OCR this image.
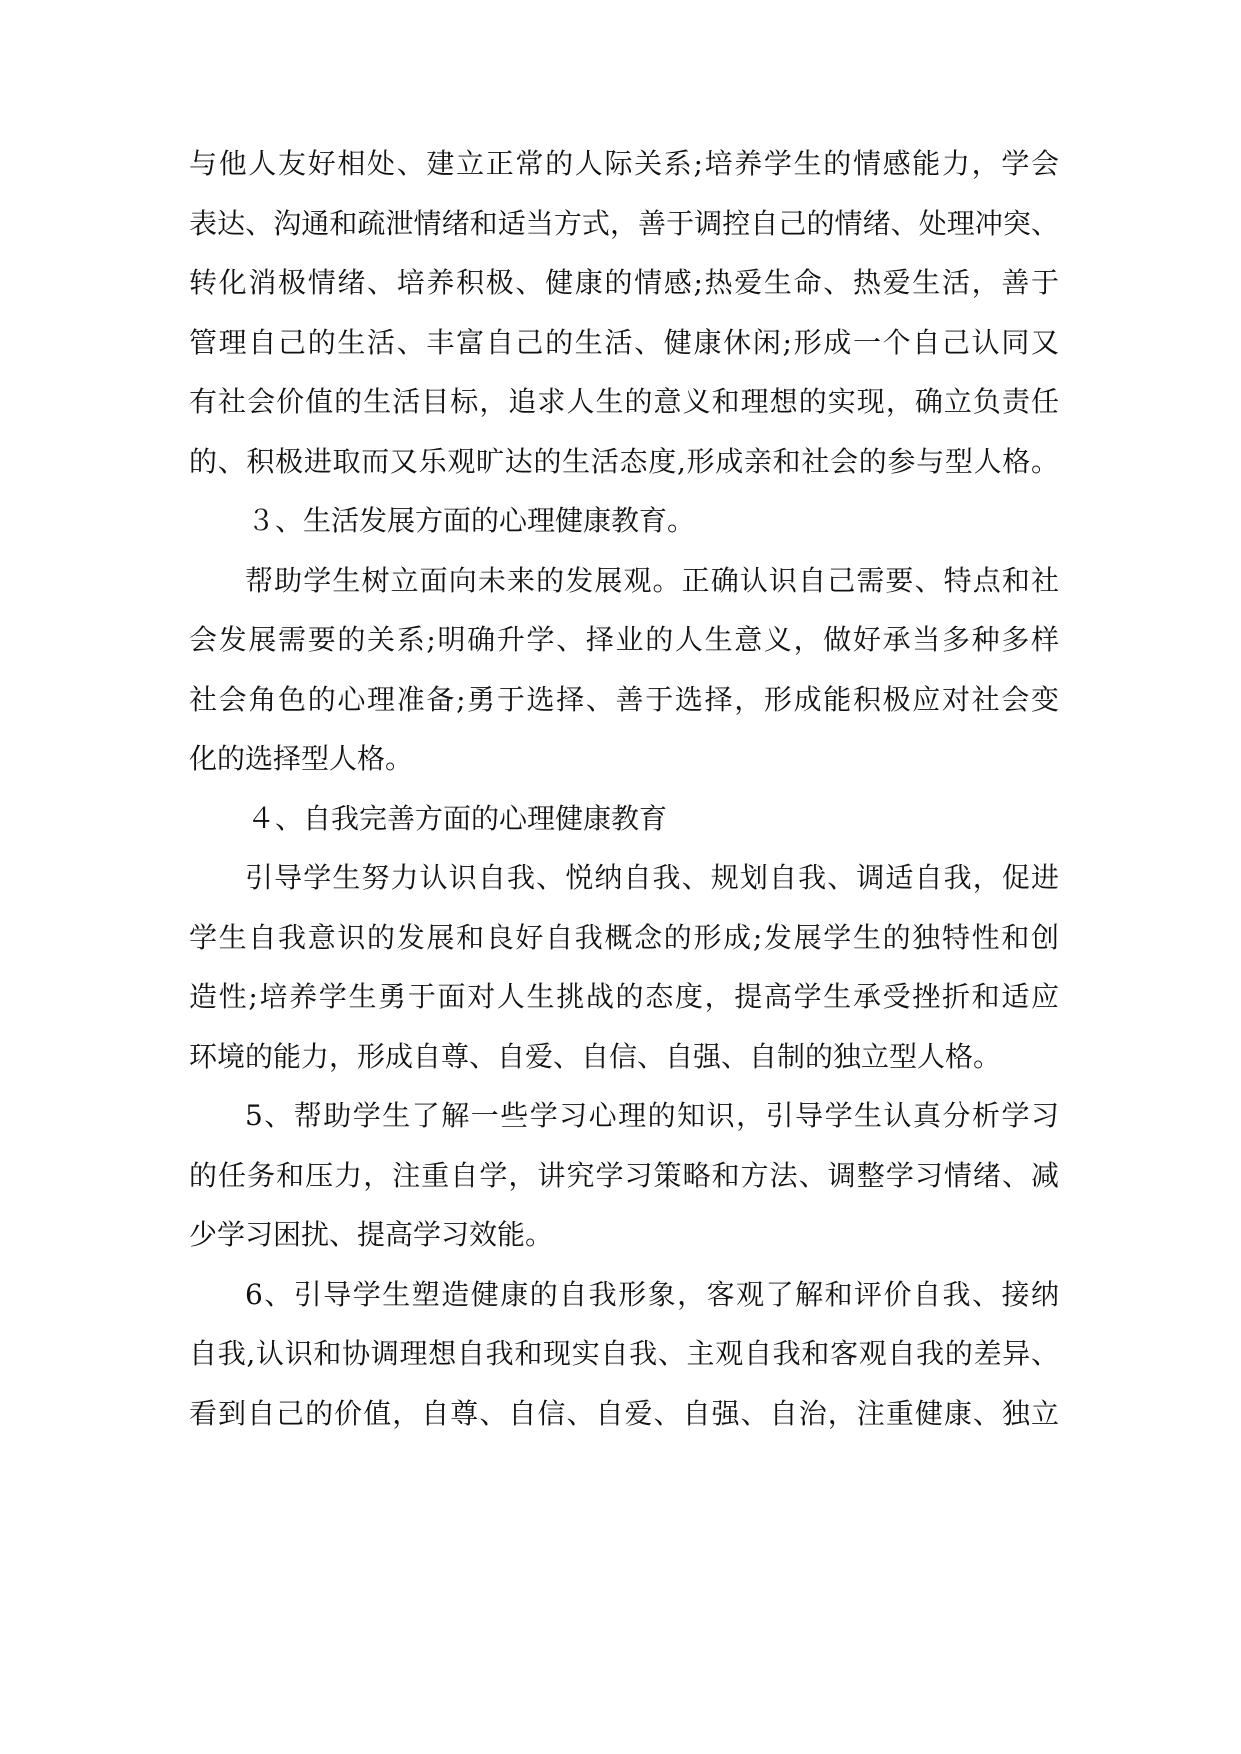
与他人友好相处、建立正常的人际关系;培养学生的情感能力，学会
表达、沟通和疏泄情绪和适当方式，善于调控自己的情绪、处理冲突、
转化消极情绪、培养积极、健康的情感;热爱生命、热爱生活，善于
管理自己的生活、丰富自己的生活、健康休闲;形成一个自己认同又
有社会价值的生活目标，追求人生的意义和理想的实现，确立负责任
的、积极进取而又乐观旷达的生活态度,形成亲和社会的参与型人格。
３、生活发展方面的心理健康教育。
帮助学生树立面向未来的发展观。正确认识自己需要、特点和社
会发展需要的关系;明确升学、择业的人生意义，做好承当多种多样
社会角色的心理准备;勇于选择、善于选择，形成能积极应对社会变
化的选择型人格。
４、自我完善方面的心理健康教育
引导学生努力认识自我、悦纳自我、规划自我、调适自我，促进
学生自我意识的发展和良好自我概念的形成;发展学生的独特性和创
造性;培养学生勇于面对人生挑战的态度，提高学生承受挫折和适应
环境的能力，形成自尊、自爱、自信、自强、自制的独立型人格。
5、帮助学生了解一些学习心理的知识，引导学生认真分析学习
的任务和压力，注重自学，讲究学习策略和方法、调整学习情绪、减
少学习困扰、提高学习效能。
6、引导学生塑造健康的自我形象，客观了解和评价自我、接纳
自我,认识和协调理想自我和现实自我、主观自我和客观自我的差异、
看到自己的价值，自尊、自信、自爱、自强、自治，注重健康、独立
